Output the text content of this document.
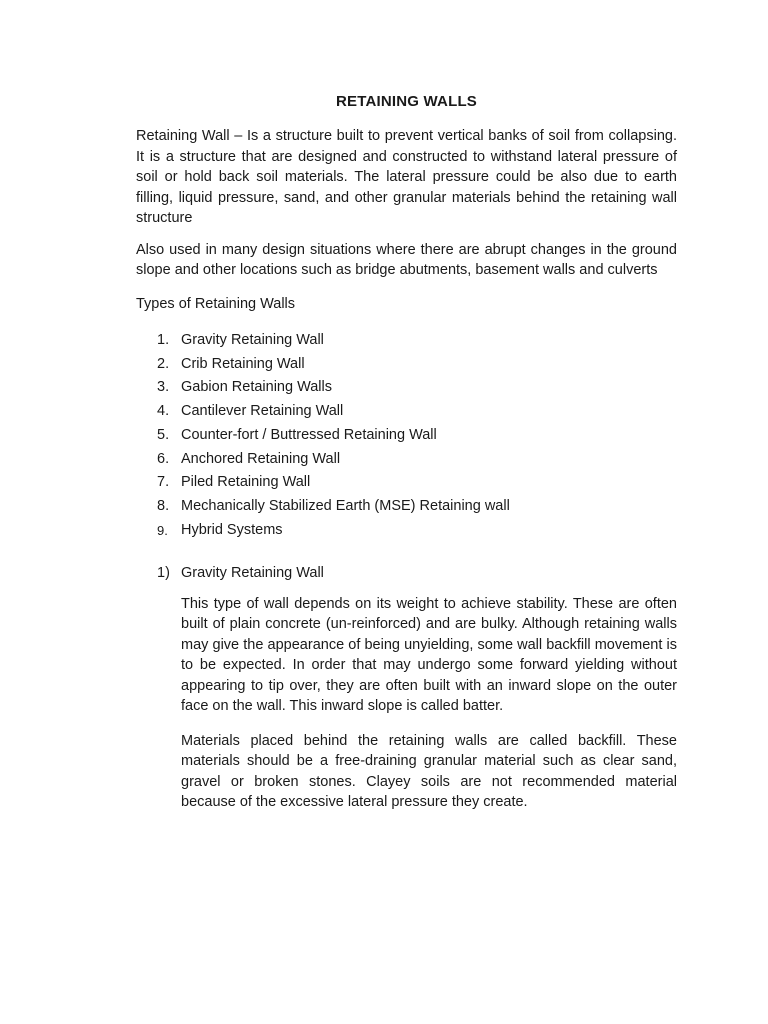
RETAINING WALLS

Retaining Wall – Is a structure built to prevent vertical banks of soil from collapsing. It is a structure that are designed and constructed to withstand lateral pressure of soil or hold back soil materials. The lateral pressure could be also due to earth filling, liquid pressure, sand, and other granular materials behind the retaining wall structure

Also used in many design situations where there are abrupt changes in the ground slope and other locations such as bridge abutments, basement walls and culverts

Types of Retaining Walls

1. Gravity Retaining Wall
2. Crib Retaining Wall
3. Gabion Retaining Walls
4. Cantilever Retaining Wall
5. Counter-fort / Buttressed Retaining Wall
6. Anchored Retaining Wall
7. Piled Retaining Wall
8. Mechanically Stabilized Earth (MSE) Retaining wall
9. Hybrid Systems
1) Gravity Retaining Wall

This type of wall depends on its weight to achieve stability. These are often built of plain concrete (un-reinforced) and are bulky. Although retaining walls may give the appearance of being unyielding, some wall backfill movement is to be expected. In order that may undergo some forward yielding without appearing to tip over, they are often built with an inward slope on the outer face on the wall. This inward slope is called batter.

Materials placed behind the retaining walls are called backfill. These materials should be a free-draining granular material such as clear sand, gravel or broken stones. Clayey soils are not recommended material because of the excessive lateral pressure they create.
